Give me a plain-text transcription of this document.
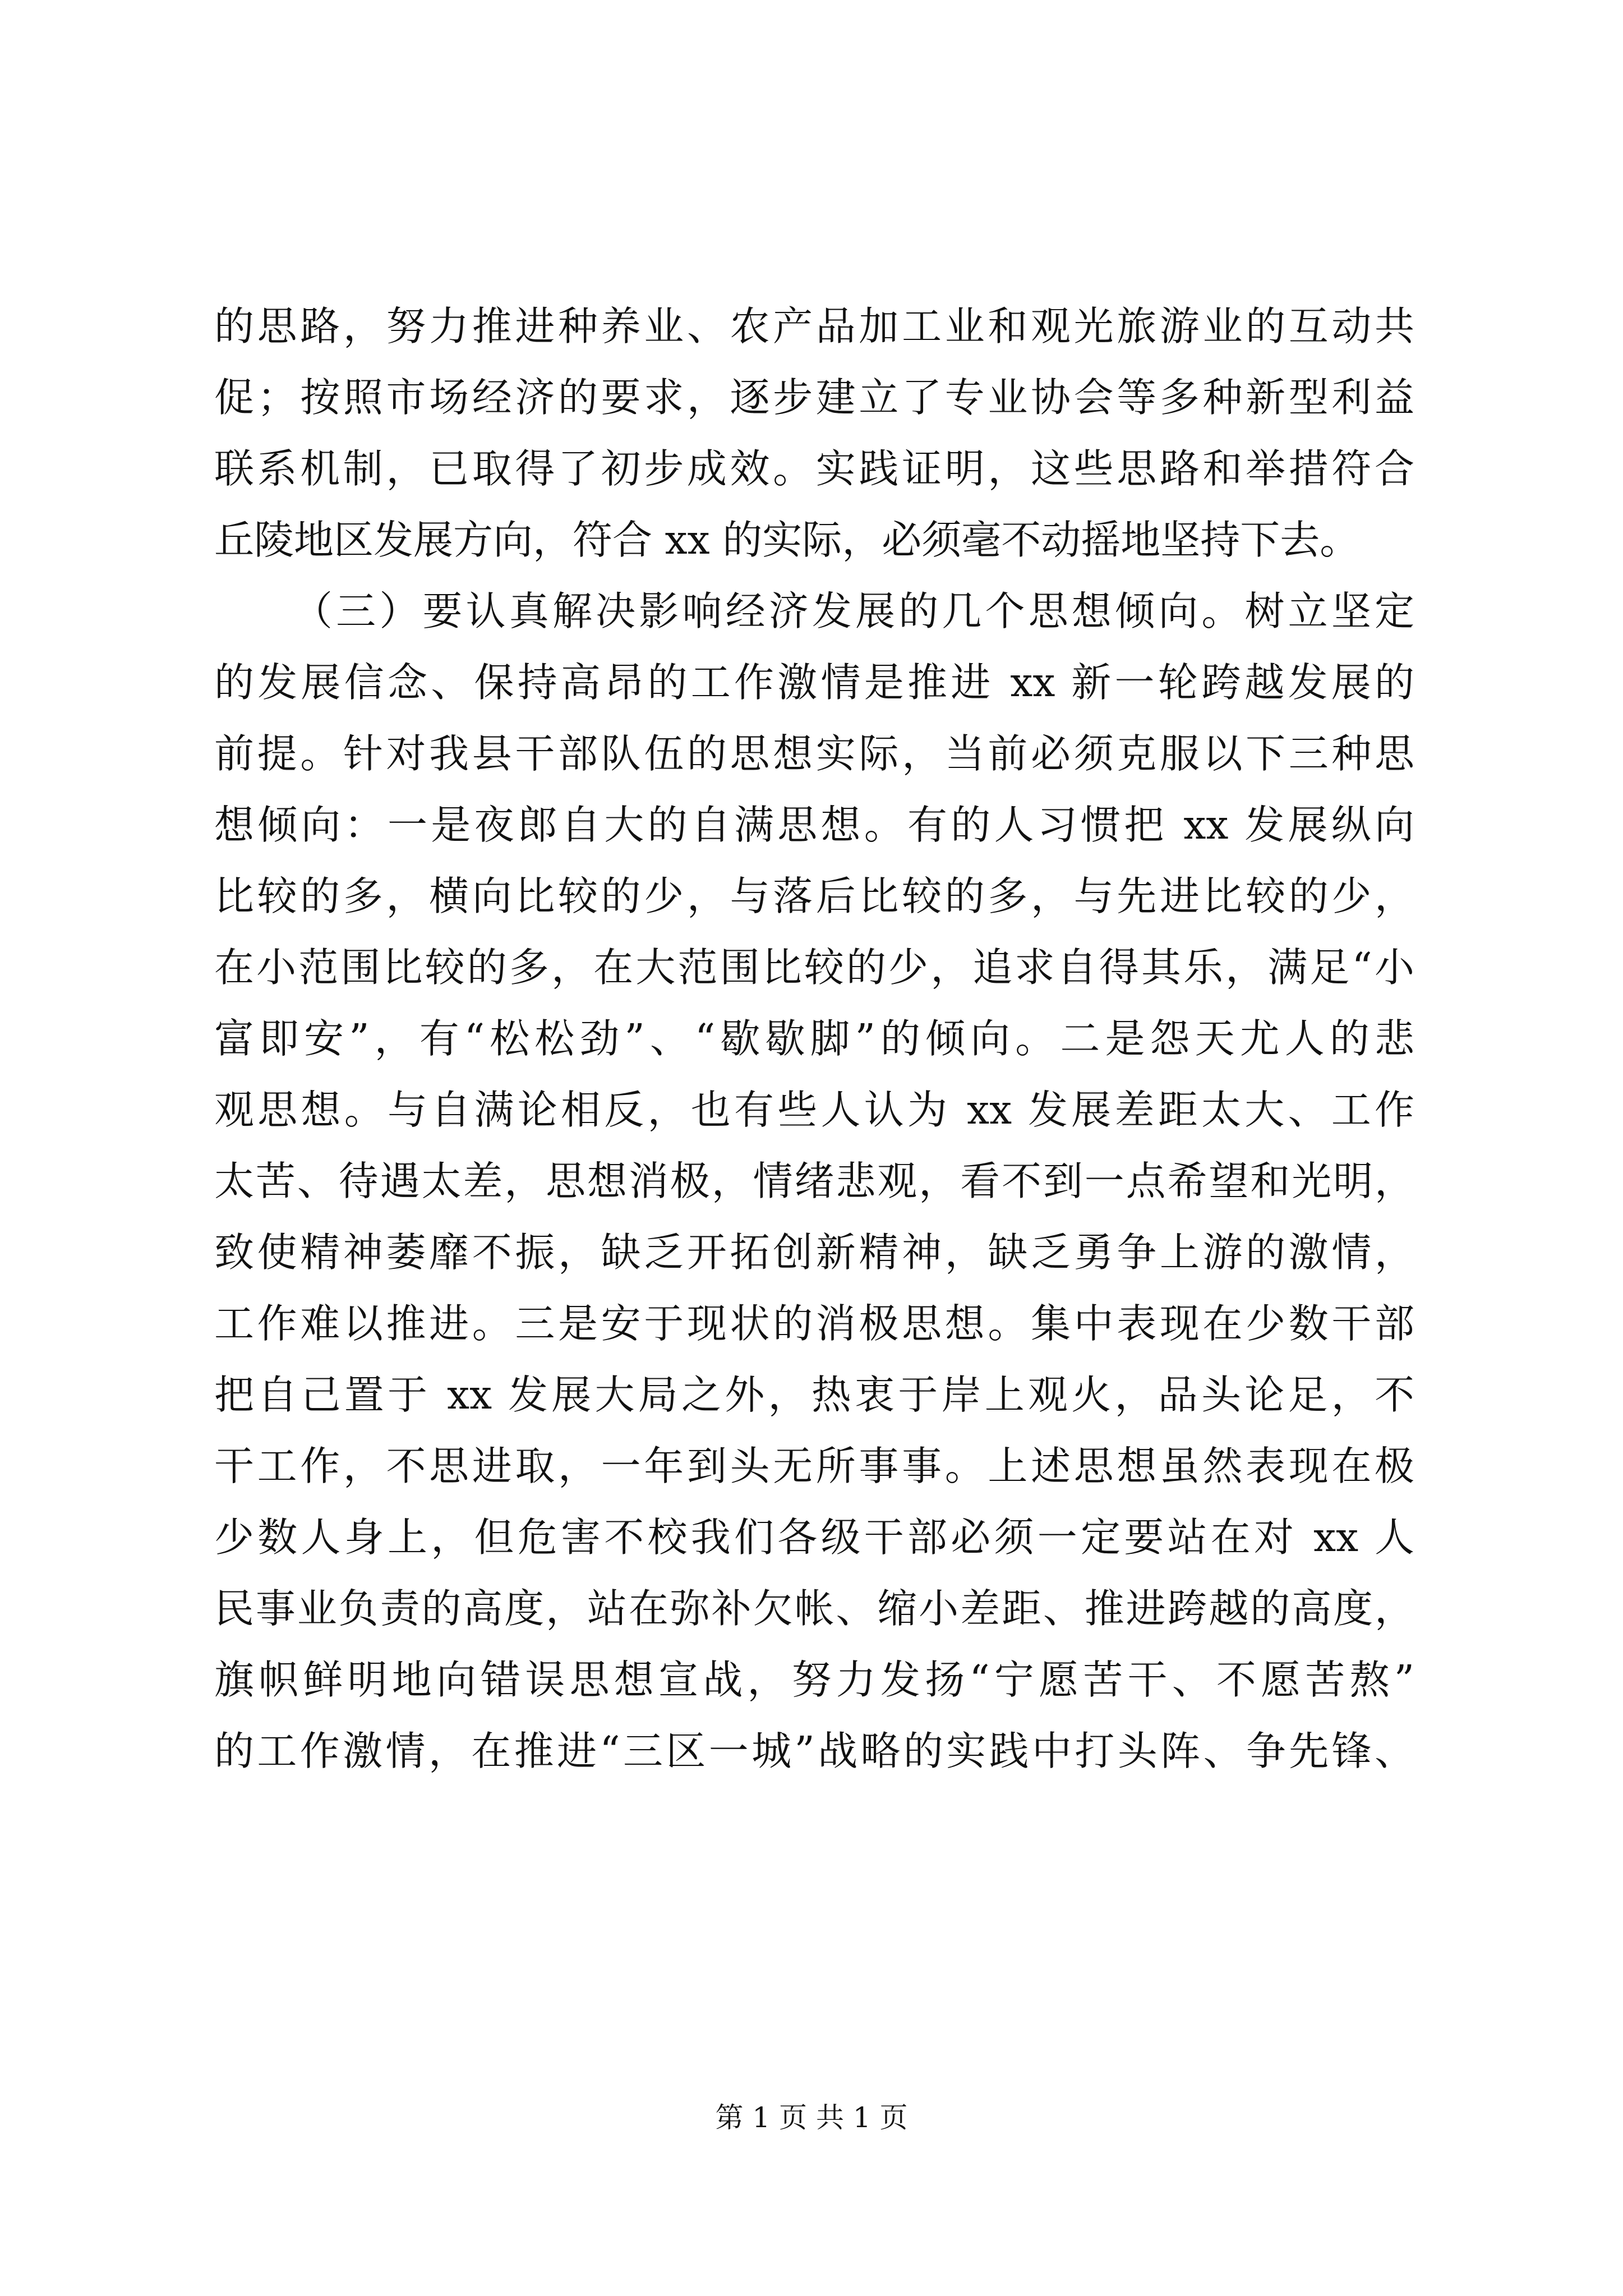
的思路，努力推进种养业、农产品加工业和观光旅游业的互动共
促；按照市场经济的要求，逐步建立了专业协会等多种新型利益
联系机制，已取得了初步成效。实践证明，这些思路和举措符合
丘陵地区发展方向，符合 xx 的实际，必须毫不动摇地坚持下去。
（三）要认真解决影响经济发展的几个思想倾向。树立坚定
的发展信念、保持高昂的工作激情是推进 xx 新一轮跨越发展的
前提。针对我县干部队伍的思想实际，当前必须克服以下三种思
想倾向：一是夜郎自大的自满思想。有的人习惯把 xx 发展纵向
比较的多，横向比较的少，与落后比较的多，与先进比较的少，
在小范围比较的多，在大范围比较的少，追求自得其乐，满足“小
富即安”，有“松松劲”、“歇歇脚”的倾向。二是怨天尤人的悲
观思想。与自满论相反，也有些人认为 xx 发展差距太大、工作
太苦、待遇太差，思想消极，情绪悲观，看不到一点希望和光明，
致使精神萎靡不振，缺乏开拓创新精神，缺乏勇争上游的激情，
工作难以推进。三是安于现状的消极思想。集中表现在少数干部
把自己置于 xx 发展大局之外，热衷于岸上观火，品头论足，不
干工作，不思进取，一年到头无所事事。上述思想虽然表现在极
少数人身上，但危害不校我们各级干部必须一定要站在对 xx 人
民事业负责的高度，站在弥补欠帐、缩小差距、推进跨越的高度，
旗帜鲜明地向错误思想宣战，努力发扬“宁愿苦干、不愿苦熬”
的工作激情，在推进“三区一城”战略的实践中打头阵、争先锋、
第 1 页 共 1 页
